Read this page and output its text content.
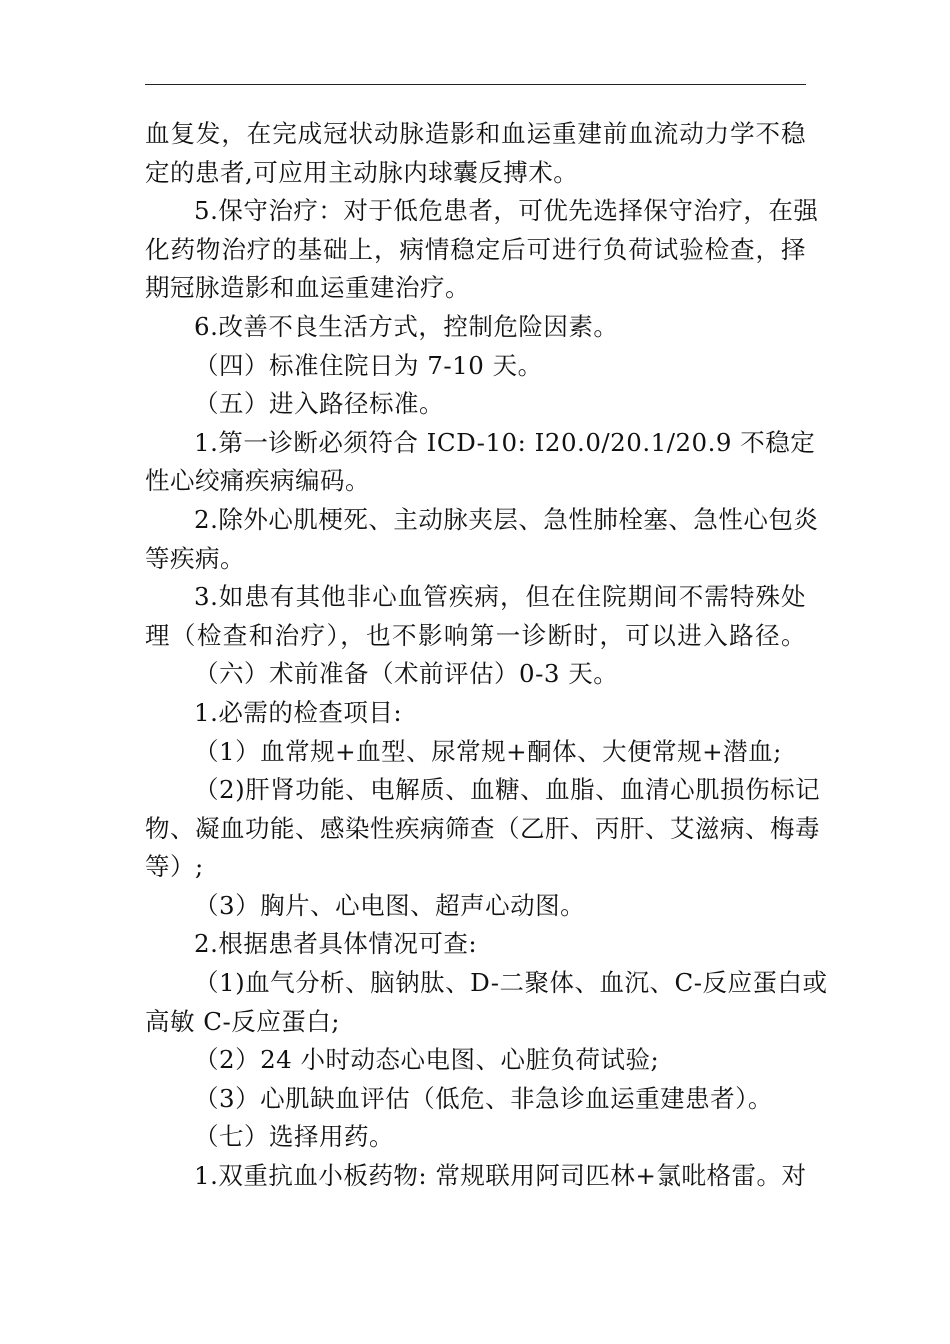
血复发，在完成冠状动脉造影和血运重建前血流动力学不稳
定的患者,可应用主动脉内球囊反搏术。
5.保守治疗：对于低危患者，可优先选择保守治疗，在强
化药物治疗的基础上，病情稳定后可进行负荷试验检查，择
期冠脉造影和血运重建治疗。
6.改善不良生活方式，控制危险因素。
（四）标准住院日为 7-10 天。
（五）进入路径标准。
1.第一诊断必须符合 ICD-10: I20.0/20.1/20.9 不稳定
性心绞痛疾病编码。
2.除外心肌梗死、主动脉夹层、急性肺栓塞、急性心包炎
等疾病。
3.如患有其他非心血管疾病，但在住院期间不需特殊处
理（检查和治疗），也不影响第一诊断时，可以进入路径。
（六）术前准备（术前评估）0-3 天。
1.必需的检查项目:
（1）血常规+血型、尿常规+酮体、大便常规+潜血;
（2)肝肾功能、电解质、血糖、血脂、血清心肌损伤标记
物、凝血功能、感染性疾病筛查（乙肝、丙肝、艾滋病、梅毒
等）;
（3）胸片、心电图、超声心动图。
2.根据患者具体情况可查:
（1)血气分析、脑钠肽、D-二聚体、血沉、C-反应蛋白或
高敏 C-反应蛋白;
（2）24 小时动态心电图、心脏负荷试验;
（3）心肌缺血评估（低危、非急诊血运重建患者）。
（七）选择用药。
1.双重抗血小板药物: 常规联用阿司匹林+氯吡格雷。对
